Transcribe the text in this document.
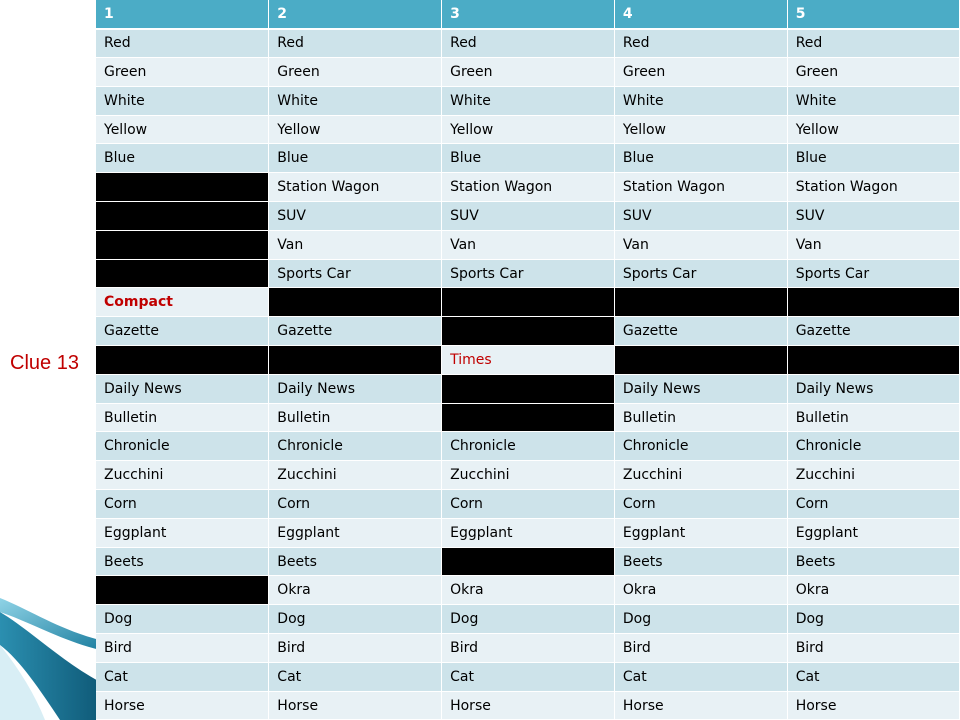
Clue 13
1	2	3	4	5
Red	Red	Red	Red	Red
Green	Green	Green	Green	Green
White	White	White	White	White
Yellow	Yellow	Yellow	Yellow	Yellow
Blue	Blue	Blue	Blue	Blue
	Station Wagon	Station Wagon	Station Wagon	Station Wagon
	SUV	SUV	SUV	SUV
	Van	Van	Van	Van
	Sports Car	Sports Car	Sports Car	Sports Car
Compact				
Gazette	Gazette		Gazette	Gazette
		Times		
Daily News	Daily News		Daily News	Daily News
Bulletin	Bulletin		Bulletin	Bulletin
Chronicle	Chronicle	Chronicle	Chronicle	Chronicle
Zucchini	Zucchini	Zucchini	Zucchini	Zucchini
Corn	Corn	Corn	Corn	Corn
Eggplant	Eggplant	Eggplant	Eggplant	Eggplant
Beets	Beets		Beets	Beets
	Okra	Okra	Okra	Okra
Dog	Dog	Dog	Dog	Dog
Bird	Bird	Bird	Bird	Bird
Cat	Cat	Cat	Cat	Cat
Horse	Horse	Horse	Horse	Horse
